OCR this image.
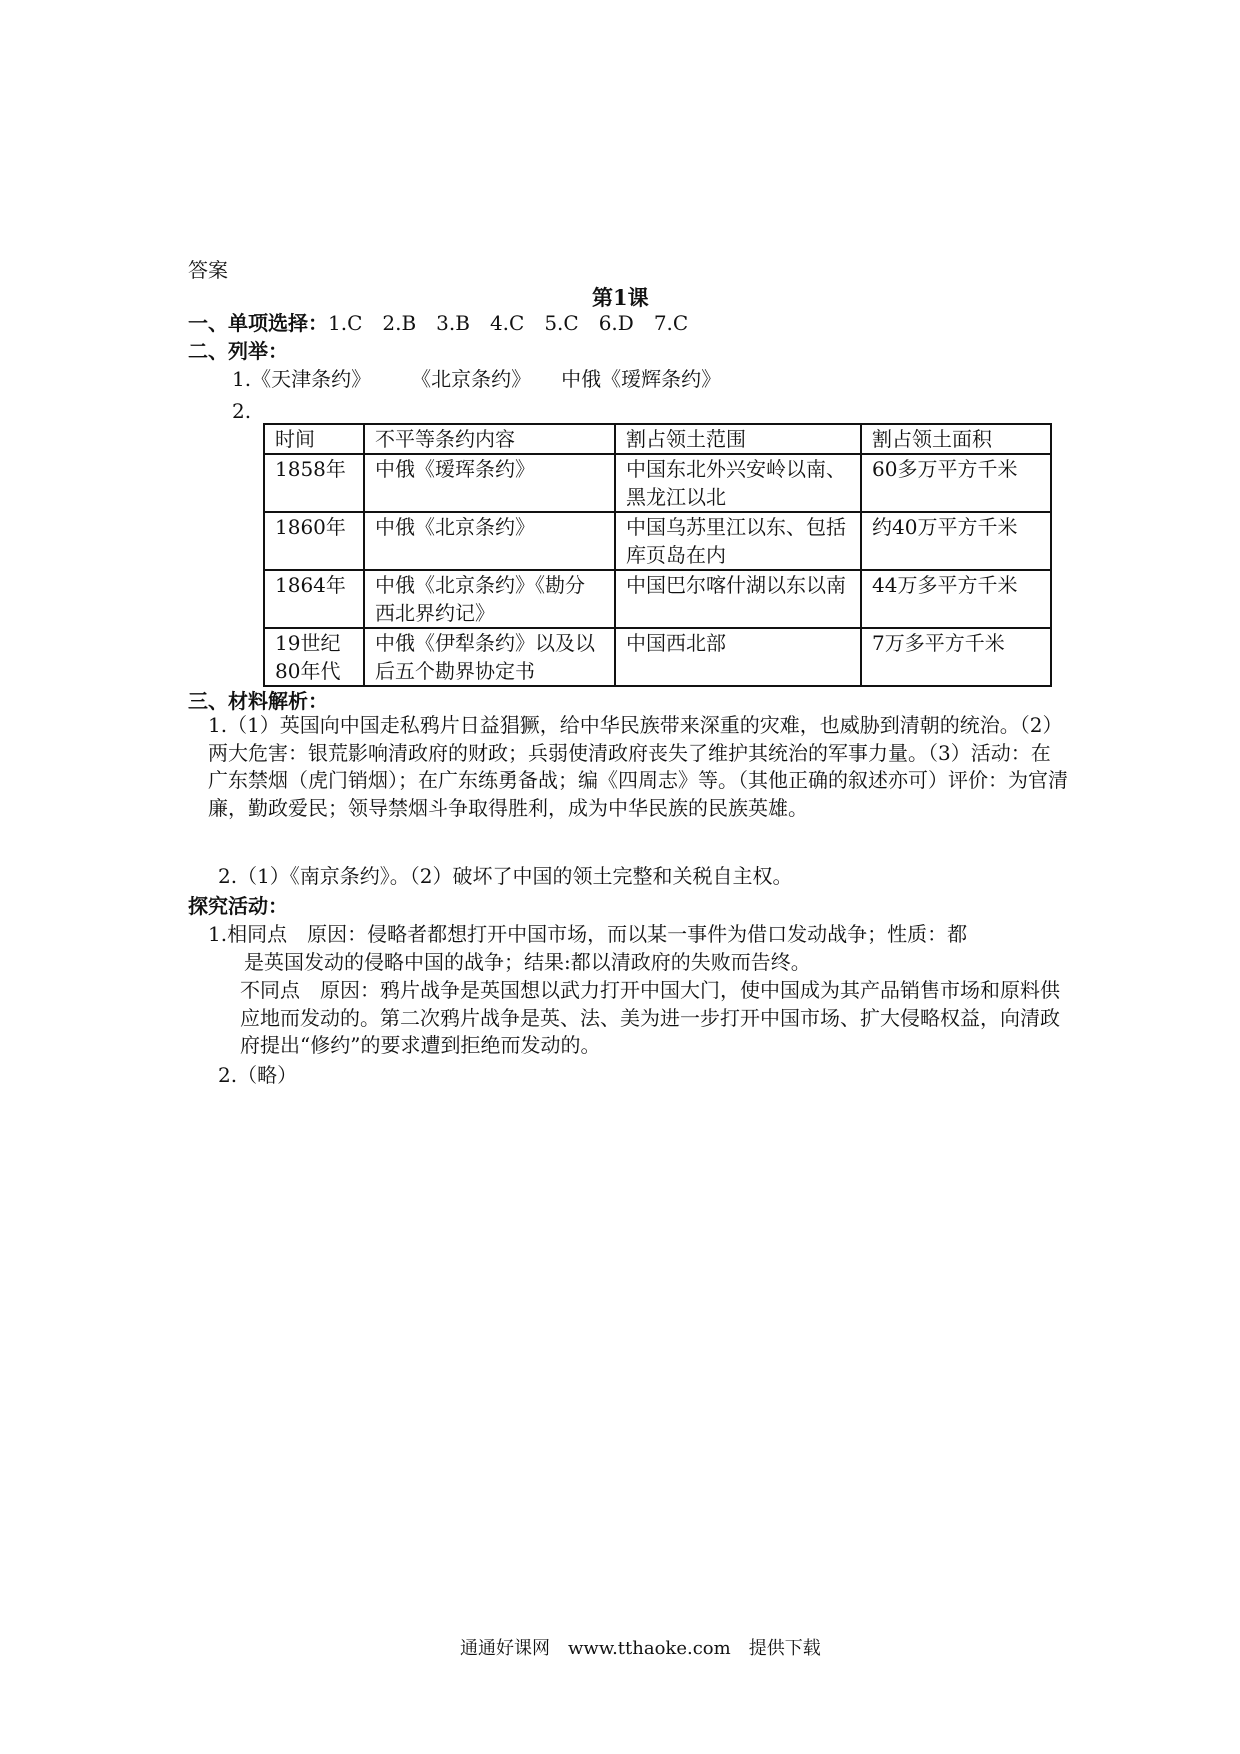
答案
第1课
一、单项选择：1.C　2.B　3.B　4.C　5.C　6.D　7.C
二、列举：
1.《天津条约》 《北京条约》 中俄《瑷辉条约》
2.
时间	不平等条约内容	割占领土范围	割占领土面积
1858年	中俄《瑷珲条约》	中国东北外兴安岭以南、黑龙江以北	60多万平方千米
1860年	中俄《北京条约》	中国乌苏里江以东、包括库页岛在内	约40万平方千米
1864年	中俄《北京条约》《勘分西北界约记》	中国巴尔喀什湖以东以南	44万多平方千米
19世纪80年代	中俄《伊犁条约》以及以后五个勘界协定书	中国西北部	7万多平方千米
三、材料解析：
1.（1）英国向中国走私鸦片日益猖獗，给中华民族带来深重的灾难，也威胁到清朝的统治。（2）两大危害：银荒影响清政府的财政；兵弱使清政府丧失了维护其统治的军事力量。（3）活动：在广东禁烟（虎门销烟）；在广东练勇备战；编《四周志》等。（其他正确的叙述亦可）评价：为官清廉，勤政爱民；领导禁烟斗争取得胜利，成为中华民族的民族英雄。
2.（1）《南京条约》。（2）破坏了中国的领土完整和关税自主权。
探究活动：
1.相同点　原因：侵略者都想打开中国市场，而以某一事件为借口发动战争；性质：都
是英国发动的侵略中国的战争；结果:都以清政府的失败而告终。
不同点　原因：鸦片战争是英国想以武力打开中国大门，使中国成为其产品销售市场和原料供应地而发动的。第二次鸦片战争是英、法、美为进一步打开中国市场、扩大侵略权益，向清政府提出“修约”的要求遭到拒绝而发动的。
2.（略）
通通好课网　www.tthaoke.com　提供下载
